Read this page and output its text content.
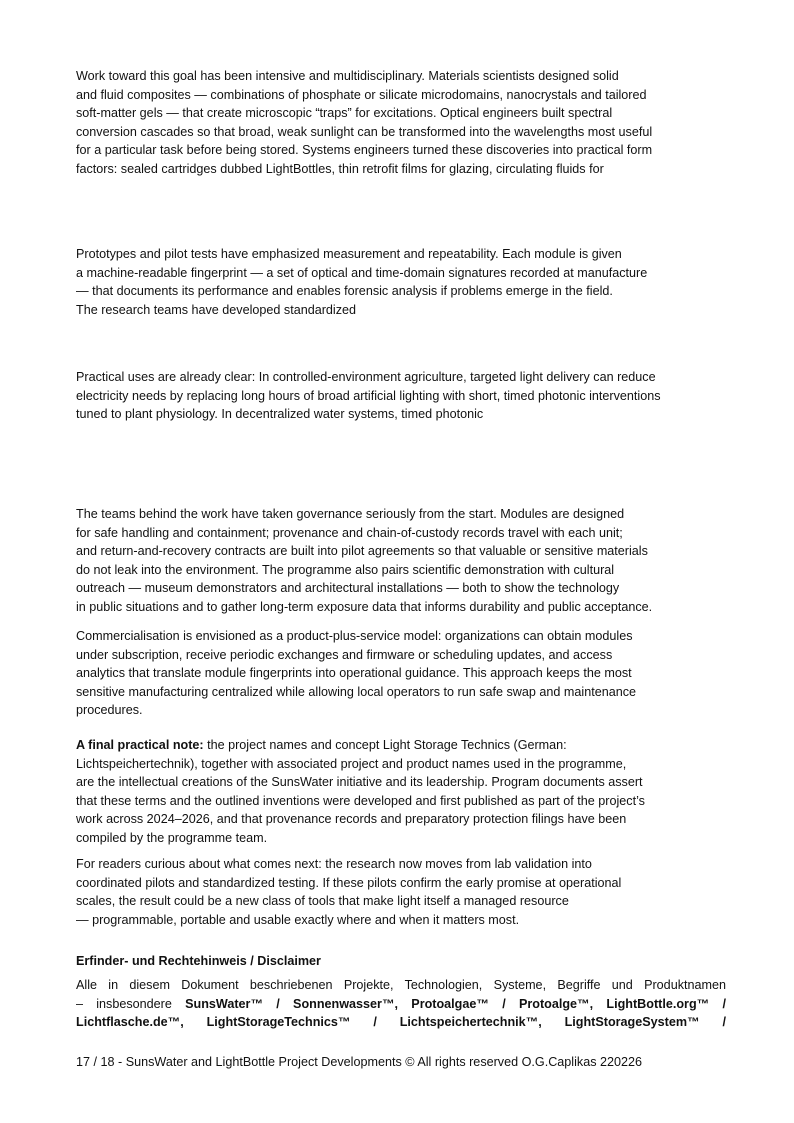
Work toward this goal has been intensive and multidisciplinary. Materials scientists designed solid
and fluid composites — combinations of phosphate or silicate microdomains, nanocrystals and tailored
soft-matter gels — that create microscopic “traps” for excitations. Optical engineers built spectral
conversion cascades so that broad, weak sunlight can be transformed into the wavelengths most useful
for a particular task before being stored. Systems engineers turned these discoveries into practical form
factors: sealed cartridges dubbed LightBottles, thin retrofit films for glazing, circulating fluids for

Prototypes and pilot tests have emphasized measurement and repeatability. Each module is given
a machine-readable fingerprint — a set of optical and time-domain signatures recorded at manufacture
— that documents its performance and enables forensic analysis if problems emerge in the field.
The research teams have developed standardized

Practical uses are already clear: In controlled-environment agriculture, targeted light delivery can reduce
electricity needs by replacing long hours of broad artificial lighting with short, timed photonic interventions
tuned to plant physiology. In decentralized water systems, timed photonic

The teams behind the work have taken governance seriously from the start. Modules are designed
for safe handling and containment; provenance and chain-of-custody records travel with each unit;
and return-and-recovery contracts are built into pilot agreements so that valuable or sensitive materials
do not leak into the environment. The programme also pairs scientific demonstration with cultural
outreach — museum demonstrators and architectural installations — both to show the technology
in public situations and to gather long-term exposure data that informs durability and public acceptance.

Commercialisation is envisioned as a product-plus-service model: organizations can obtain modules
under subscription, receive periodic exchanges and firmware or scheduling updates, and access
analytics that translate module fingerprints into operational guidance. This approach keeps the most
sensitive manufacturing centralized while allowing local operators to run safe swap and maintenance
procedures.

A final practical note: the project names and concept Light Storage Technics (German:
Lichtspeichertechnik), together with associated project and product names used in the programme,
are the intellectual creations of the SunsWater initiative and its leadership. Program documents assert
that these terms and the outlined inventions were developed and first published as part of the project’s
work across 2024–2026, and that provenance records and preparatory protection filings have been
compiled by the programme team.

For readers curious about what comes next: the research now moves from lab validation into
coordinated pilots and standardized testing. If these pilots confirm the early promise at operational
scales, the result could be a new class of tools that make light itself a managed resource
— programmable, portable and usable exactly where and when it matters most.

Erfinder- und Rechtehinweis / Disclaimer

Alle in diesem Dokument beschriebenen Projekte, Technologien, Systeme, Begriffe und Produktnamen
– insbesondere SunsWater™ / Sonnenwasser™, Protoalgae™ / Protoalge™, LightBottle.org™ /
Lichtflasche.de™, LightStorageTechnics™ / Lichtspeichertechnik™, LightStorageSystem™ /

17 / 18 - SunsWater and LightBottle Project Developments © All rights reserved O.G.Caplikas 220226
